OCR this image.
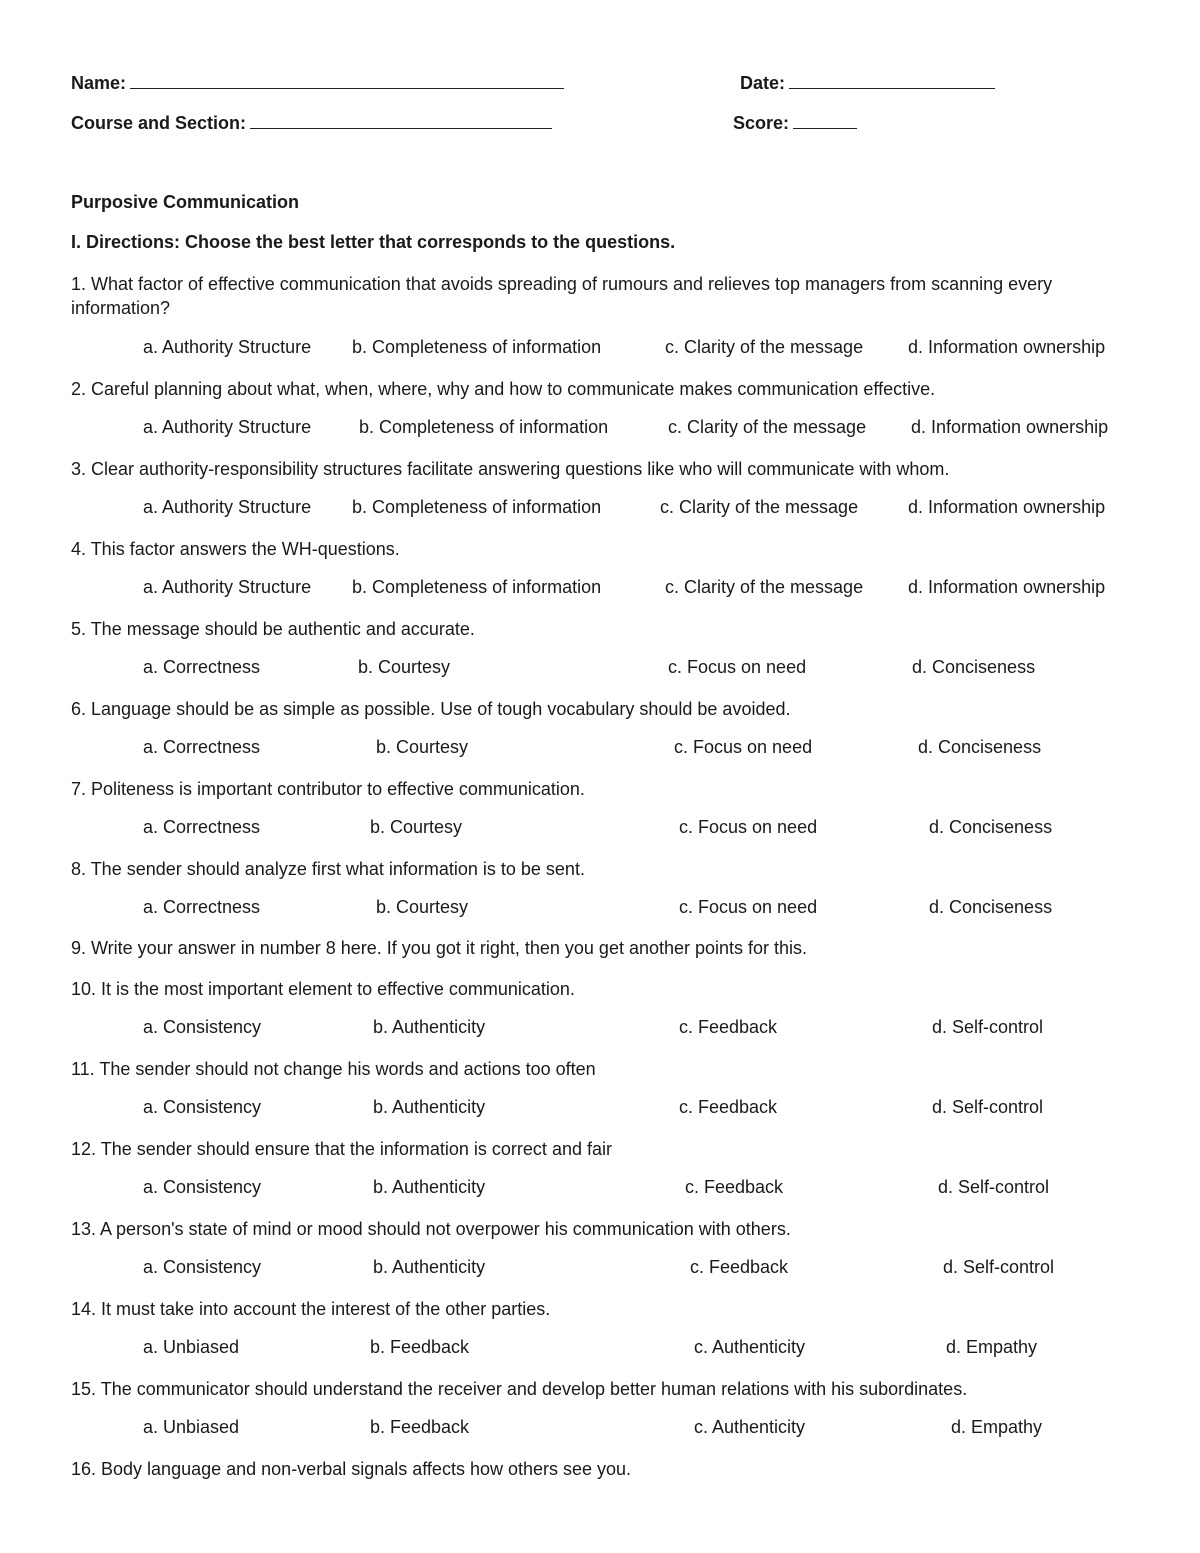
Name:	Date:
Course and Section:	Score:
Purposive Communication
I. Directions: Choose the best letter that corresponds to the questions.
1. What factor of effective communication that avoids spreading of rumours and relieves top managers from scanning every information?
a. Authority Structure b. Completeness of information	c. Clarity of the message d. Information ownership
2. Careful planning about what, when, where, why and how to communicate makes communication effective.
a. Authority Structure	b. Completeness of information	c. Clarity of the message d. Information ownership
3. Clear authority-responsibility structures facilitate answering questions like who will communicate with whom.
a. Authority Structure b. Completeness of information	c. Clarity of the message	d. Information ownership
4. This factor answers the WH-questions.
a. Authority Structure b. Completeness of information	c. Clarity of the message d. Information ownership
5. The message should be authentic and accurate.
a. Correctness	b. Courtesy	c. Focus on need	d. Conciseness
6. Language should be as simple as possible. Use of tough vocabulary should be avoided.
a. Correctness	b. Courtesy	c. Focus on need	d. Conciseness
7. Politeness is important contributor to effective communication.
a. Correctness	b. Courtesy	c. Focus on need	d. Conciseness
8. The sender should analyze first what information is to be sent.
a. Correctness	b. Courtesy	c. Focus on need	d. Conciseness
9. Write your answer in number 8 here. If you got it right, then you get another points for this.
10. It is the most important element to effective communication.
a. Consistency	b. Authenticity	c. Feedback	d. Self-control
11. The sender should not change his words and actions too often
a. Consistency	b. Authenticity	c. Feedback	d. Self-control
12. The sender should ensure that the information is correct and fair
a. Consistency	b. Authenticity	c. Feedback	d. Self-control
13. A person's state of mind or mood should not overpower his communication with others.
a. Consistency	b. Authenticity	c. Feedback	d. Self-control
14. It must take into account the interest of the other parties.
a. Unbiased	b. Feedback	c. Authenticity	d. Empathy
15. The communicator should understand the receiver and develop better human relations with his subordinates.
a. Unbiased	b. Feedback	c. Authenticity	d. Empathy
16. Body language and non-verbal signals affects how others see you.
